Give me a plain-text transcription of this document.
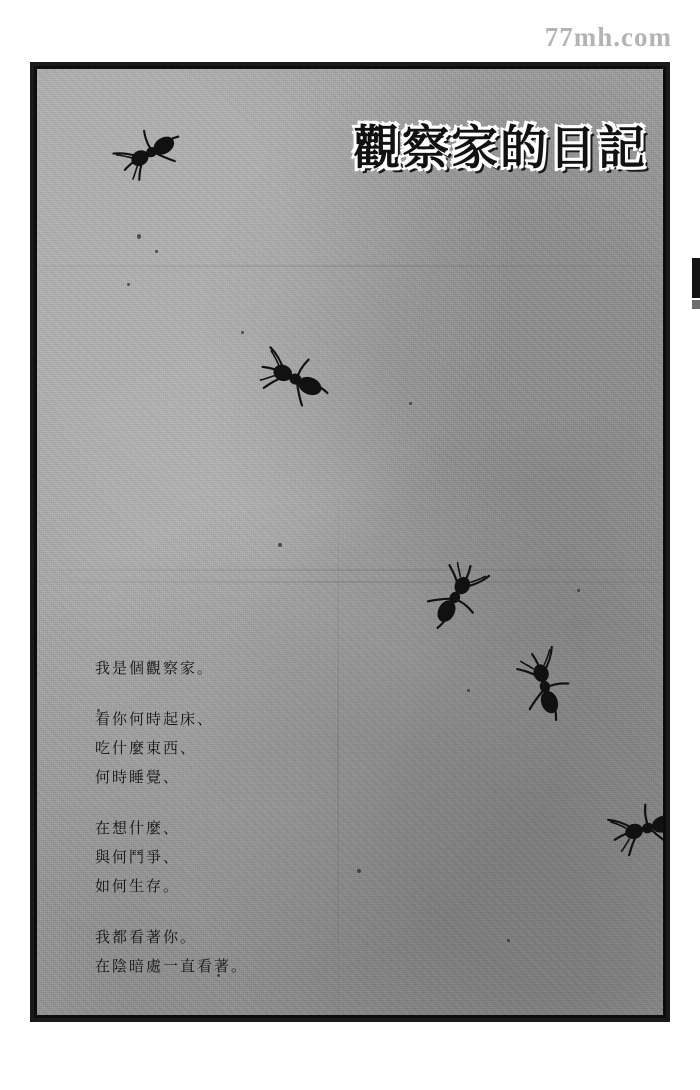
77mh.com
觀察家的日記
我是個觀察家。
看你何時起床、
吃什麼東西、
何時睡覺、
在想什麼、
與何鬥爭、
如何生存。
我都看著你。
在陰暗處一直看著。
